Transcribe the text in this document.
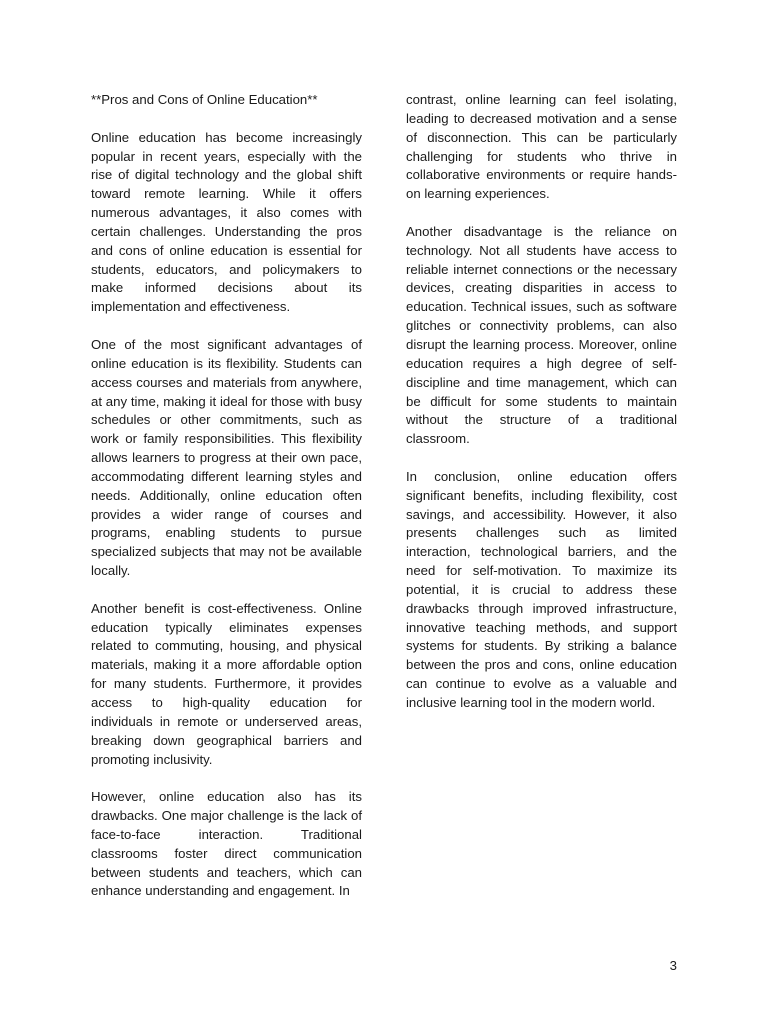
**Pros and Cons of Online Education**

Online education has become increasingly popular in recent years, especially with the rise of digital technology and the global shift toward remote learning. While it offers numerous advantages, it also comes with certain challenges. Understanding the pros and cons of online education is essential for students, educators, and policymakers to make informed decisions about its implementation and effectiveness.

One of the most significant advantages of online education is its flexibility. Students can access courses and materials from anywhere, at any time, making it ideal for those with busy schedules or other commitments, such as work or family responsibilities. This flexibility allows learners to progress at their own pace, accommodating different learning styles and needs. Additionally, online education often provides a wider range of courses and programs, enabling students to pursue specialized subjects that may not be available locally.

Another benefit is cost-effectiveness. Online education typically eliminates expenses related to commuting, housing, and physical materials, making it a more affordable option for many students. Furthermore, it provides access to high-quality education for individuals in remote or underserved areas, breaking down geographical barriers and promoting inclusivity.

However, online education also has its drawbacks. One major challenge is the lack of face-to-face interaction. Traditional classrooms foster direct communication between students and teachers, which can enhance understanding and engagement. In

contrast, online learning can feel isolating, leading to decreased motivation and a sense of disconnection. This can be particularly challenging for students who thrive in collaborative environments or require hands-on learning experiences.

Another disadvantage is the reliance on technology. Not all students have access to reliable internet connections or the necessary devices, creating disparities in access to education. Technical issues, such as software glitches or connectivity problems, can also disrupt the learning process. Moreover, online education requires a high degree of self-discipline and time management, which can be difficult for some students to maintain without the structure of a traditional classroom.

In conclusion, online education offers significant benefits, including flexibility, cost savings, and accessibility. However, it also presents challenges such as limited interaction, technological barriers, and the need for self-motivation. To maximize its potential, it is crucial to address these drawbacks through improved infrastructure, innovative teaching methods, and support systems for students. By striking a balance between the pros and cons, online education can continue to evolve as a valuable and inclusive learning tool in the modern world.

3
